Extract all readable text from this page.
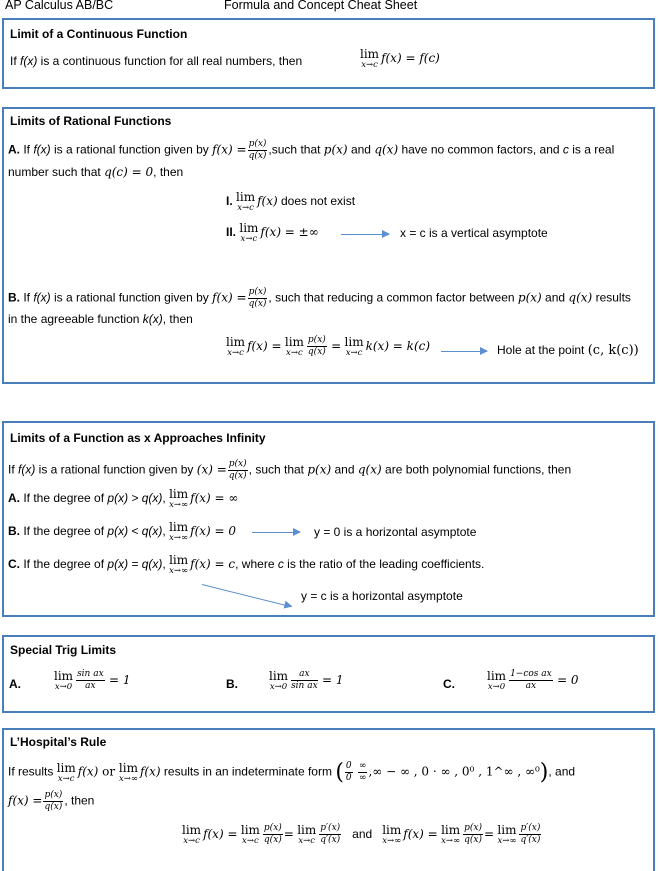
AP Calculus AB/BC	Formula and Concept Cheat Sheet
Limit of a Continuous Function
If f(x) is a continuous function for all real numbers, then	lim
x→c
f(x) = f(c)
Limits of Rational Functions
A. If f(x) is a rational function given by $f(x) = \frac{p(x)}{q(x)}$ ,such that p(x) and q(x) have no common factors, and c is a real
number such that q(c) = 0, then
I. lim
x→c
f(x) does not exist
II. lim
x→c
f(x) = ±∞	x = c is a vertical asymptote
B. If f(x) is a rational function given by $f(x) = \frac{p(x)}{q(x)}$ , such that reducing a common factor between p(x) and q(x) results
in the agreeable function k(x), then
lim
x→c
f(x) = lim
$x\to c \frac{p(x)}{q(x)} = \lim$
x→c
k(x) = k(c)	Hole at the point (c, k(c))
Limits of a Function as x Approaches Infinity
If f(x) is a rational function given by $(x) = \frac{p(x)}{q(x)}$ , such that p(x) and q(x) are both polynomial functions, then
A. If the degree of p(x) > q(x), lim
x→∞
f(x) = ∞
B. If the degree of p(x) < q(x), lim
x→∞
f(x) = 0	y = 0 is a horizontal asymptote
C. If the degree of p(x) = q(x), lim
x→∞
f(x) = c, where c is the ratio of the leading coefficients.
y = c is a horizontal asymptote
Special Trig Limits
A.
lim
$x\to 0 \frac{\text{sin ax}}{ax} = 1$	B.
lim
$x\to 0 \frac{ax}{\text{sin ax}} = 1$	C.
lim
$x\to 0 \frac{\text{1−cos ax}}{ax} = 0$
L’Hospital’s Rule
If results lim
x→c
f(x) or lim
x→∞
f(x) results in an indeterminate form ( $\frac{0}{0}$
$\frac{\infty}{\infty}$ ,∞ − ∞ , 0 · ∞ , 0⁰ , 1^∞ , ∞⁰), and
$f(x) = \frac{p(x)}{q(x)}$ , then
lim
x→c
f(x) = lim
$x\to c \frac{p(x)}{q(x)} = \lim$
$x\to c \frac{p'(x)}{q'(x)}$ and lim
x→∞
f(x) = lim
$x\to\infty \frac{p(x)}{q(x)} = \lim$
$x\to\infty \frac{p'(x)}{q'(x)}$
